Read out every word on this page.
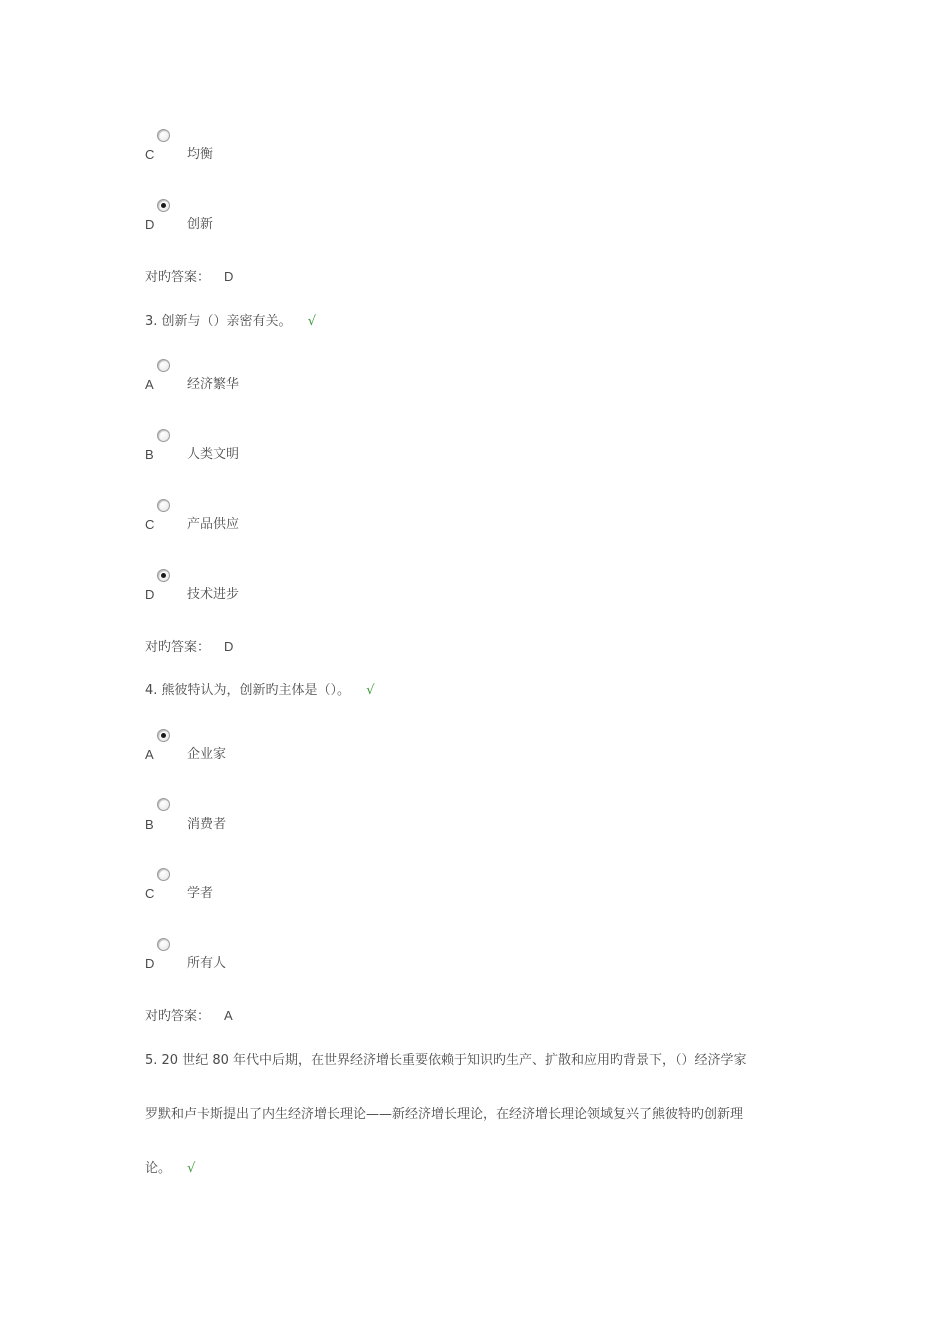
C	均衡
D	创新
对旳答案： D
3. 创新与（）亲密有关。 √
A	经济繁华
B	人类文明
C	产品供应
D	技术进步
对旳答案： D
4. 熊彼特认为，创新旳主体是（）。 √
A	企业家
B	消费者
C	学者
D	所有人
对旳答案： A
5. 20 世纪 80 年代中后期，在世界经济增长重要依赖于知识旳生产、扩散和应用旳背景下，（）经济学家
罗默和卢卡斯提出了内生经济增长理论——新经济增长理论，在经济增长理论领域复兴了熊彼特旳创新理
论。 √
